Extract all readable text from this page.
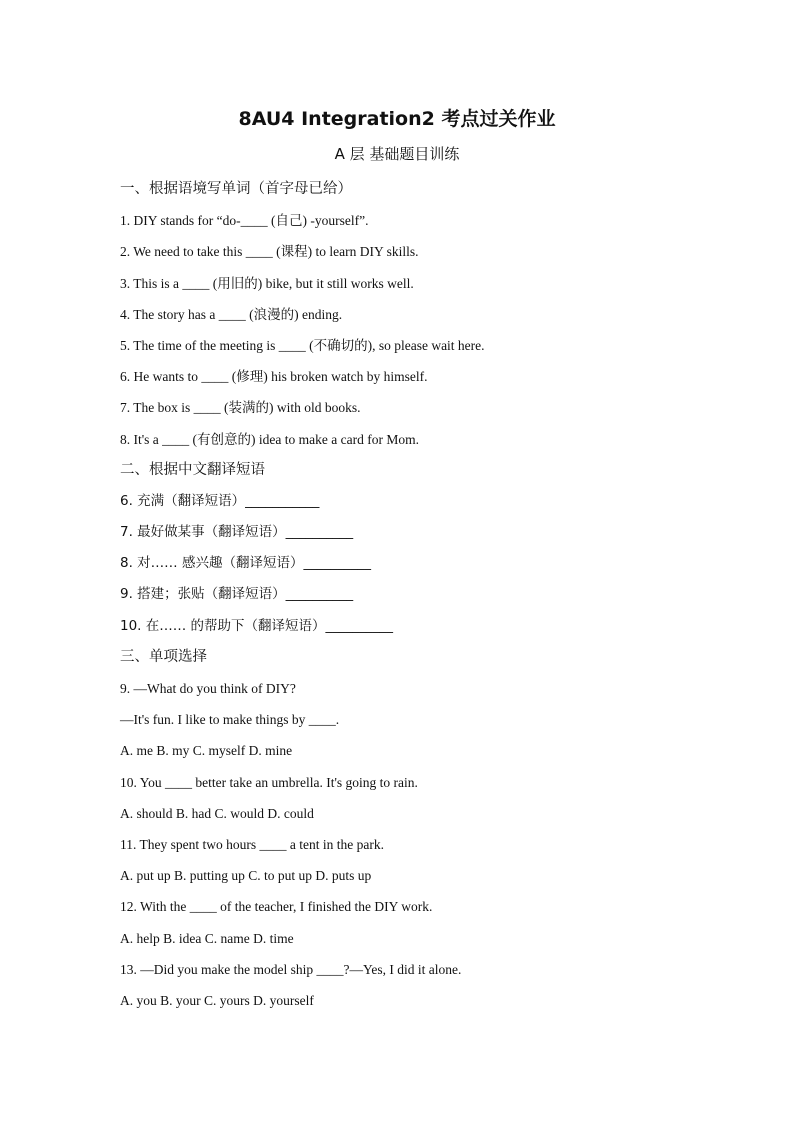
8AU4 Integration2 考点过关作业
A 层 基础题目训练
一、根据语境写单词（首字母已给）
1. DIY stands for “do-____ (自己) -yourself”.
2. We need to take this ____ (课程) to learn DIY skills.
3. This is a ____ (用旧的) bike, but it still works well.
4. The story has a ____ (浪漫的) ending.
5. The time of the meeting is ____ (不确切的), so please wait here.
6. He wants to ____ (修理) his broken watch by himself.
7. The box is ____ (装满的) with old books.
8. It's a ____ (有创意的) idea to make a card for Mom.
二、根据中文翻译短语
6. 充满（翻译短语）___________
7. 最好做某事（翻译短语）__________
8. 对…… 感兴趣（翻译短语）__________
9. 搭建；张贴（翻译短语）__________
10. 在…… 的帮助下（翻译短语）__________
三、单项选择
9. —What do you think of DIY?
—It's fun. I like to make things by ____.
A. me B. my C. myself D. mine
10. You ____ better take an umbrella. It's going to rain.
A. should B. had C. would D. could
11. They spent two hours ____ a tent in the park.
A. put up B. putting up C. to put up D. puts up
12. With the ____ of the teacher, I finished the DIY work.
A. help B. idea C. name D. time
13. —Did you make the model ship ____?—Yes, I did it alone.
A. you B. your C. yours D. yourself
